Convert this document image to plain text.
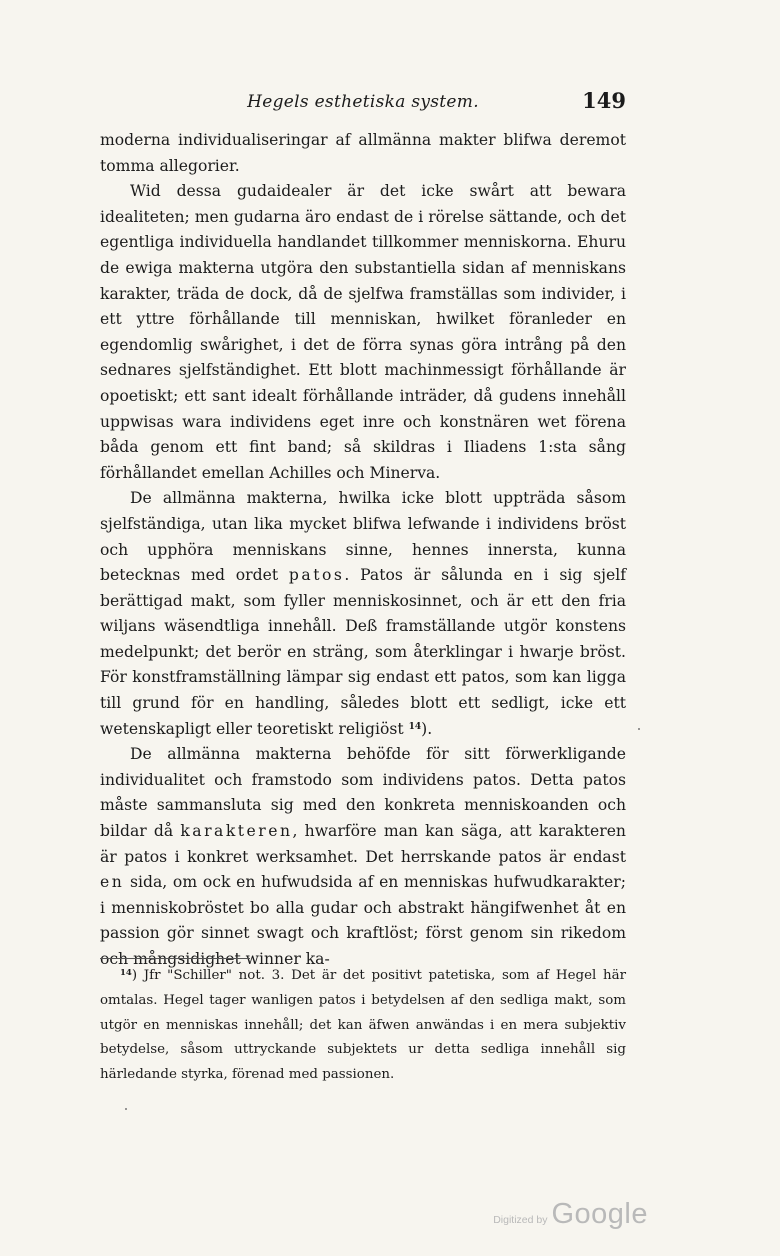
Hegels esthetiska system.	149

moderna individualiseringar af allmänna makter blifwa deremot tomma allegorier.

Wid dessa gudaidealer är det icke swårt att bewara idealiteten; men gudarna äro endast de i rörelse sättande, och det egentliga individuella handlandet tillkommer menniskorna. Ehuru de ewiga makterna utgöra den substantiella sidan af menniskans karakter, träda de dock, då de sjelfwa framställas som individer, i ett yttre förhållande till menniskan, hwilket föranleder en egendomlig swårighet, i det de förra synas göra intrång på den sednares sjelfständighet. Ett blott machinmessigt förhållande är opoetiskt; ett sant idealt förhållande inträder, då gudens innehåll uppwisas wara individens eget inre och konstnären wet förena båda genom ett fint band; så skildras i Iliadens 1:sta sång förhållandet emellan Achilles och Minerva.

De allmänna makterna, hwilka icke blott uppträda såsom sjelfständiga, utan lika mycket blifwa lefwande i individens bröst och upphöra menniskans sinne, hennes innersta, kunna betecknas med ordet patos. Patos är sålunda en i sig sjelf berättigad makt, som fyller menniskosinnet, och är ett den fria wiljans wäsendtliga innehåll. Deß framställande utgör konstens medelpunkt; det berör en sträng, som återklingar i hwarje bröst. För konstframställning lämpar sig endast ett patos, som kan ligga till grund för en handling, således blott ett sedligt, icke ett wetenskapligt eller teoretiskt religiöst $^{14}$).

De allmänna makterna behöfde för sitt förwerkligande individualitet och framstodo som individens patos. Detta patos måste sammansluta sig med den konkreta menniskoanden och bildar då karakteren, hwarföre man kan säga, att karakteren är patos i konkret werksamhet. Det herrskande patos är endast en sida, om ock en hufwudsida af en menniskas hufwudkarakter; i menniskobröstet bo alla gudar och abstrakt hängifwenhet åt en passion gör sinnet swagt och kraftlöst; först genom sin rikedom och mångsidighet winner ka-

$^{14}$) Jfr "Schiller" not. 3. Det är det positivt patetiska, som af Hegel här omtalas. Hegel tager wanligen patos i betydelsen af den sedliga makt, som utgör en menniskas innehåll; det kan äfwen anwändas i en mera subjektiv betydelse, såsom uttryckande subjektets ur detta sedliga innehåll sig härledande styrka, förenad med passionen.
Digitized by Google
